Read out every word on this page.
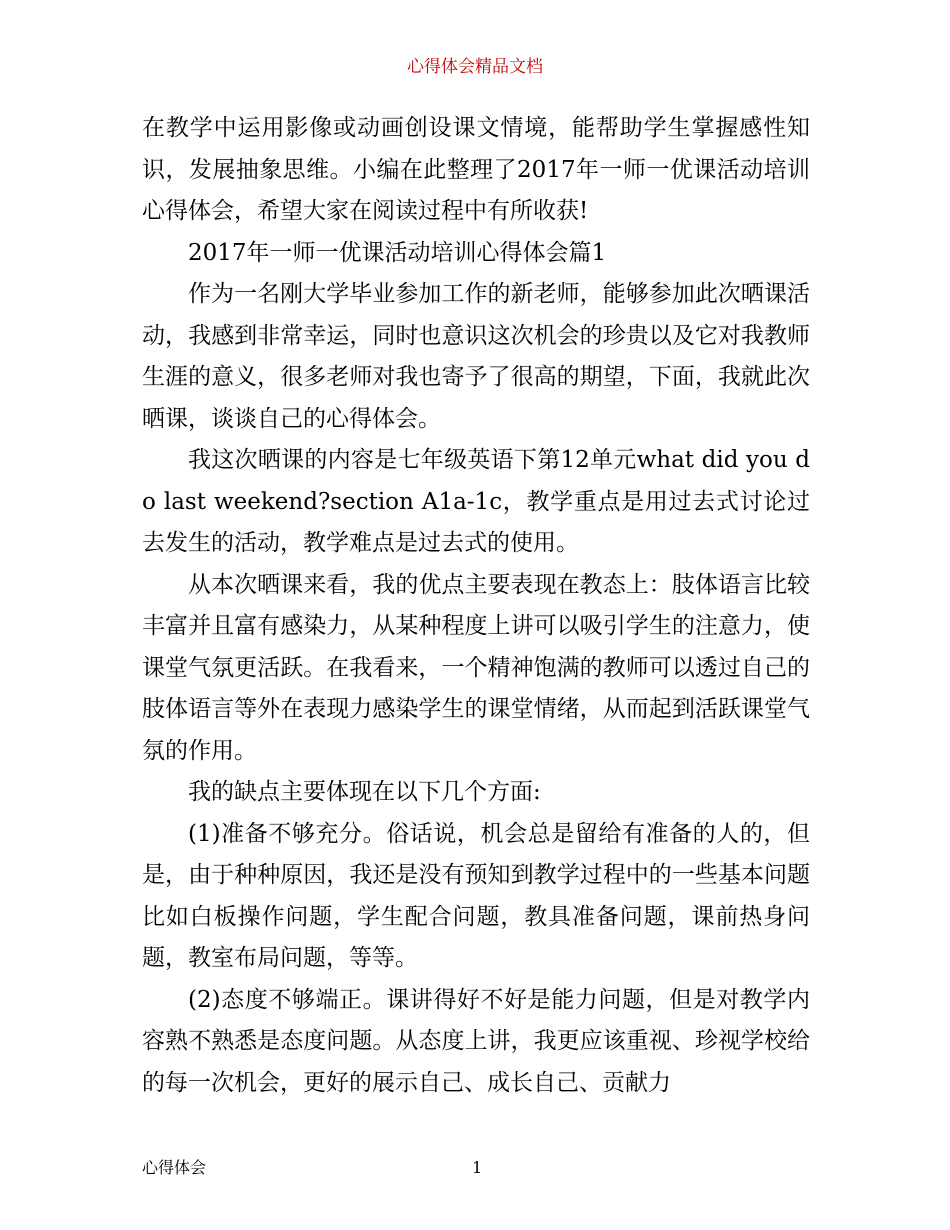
心得体会精品文档

在教学中运用影像或动画创设课文情境，能帮助学生掌握感性知识，发展抽象思维。小编在此整理了2017年一师一优课活动培训心得体会，希望大家在阅读过程中有所收获!

2017年一师一优课活动培训心得体会篇1

作为一名刚大学毕业参加工作的新老师，能够参加此次晒课活动，我感到非常幸运，同时也意识这次机会的珍贵以及它对我教师生涯的意义，很多老师对我也寄予了很高的期望，下面，我就此次晒课，谈谈自己的心得体会。

我这次晒课的内容是七年级英语下第12单元what did you do last weekend?section A1a-1c，教学重点是用过去式讨论过去发生的活动，教学难点是过去式的使用。

从本次晒课来看，我的优点主要表现在教态上：肢体语言比较丰富并且富有感染力，从某种程度上讲可以吸引学生的注意力，使课堂气氛更活跃。在我看来，一个精神饱满的教师可以透过自己的肢体语言等外在表现力感染学生的课堂情绪，从而起到活跃课堂气氛的作用。

我的缺点主要体现在以下几个方面:

(1)准备不够充分。俗话说，机会总是留给有准备的人的，但是，由于种种原因，我还是没有预知到教学过程中的一些基本问题比如白板操作问题，学生配合问题，教具准备问题，课前热身问题，教室布局问题，等等。

(2)态度不够端正。课讲得好不好是能力问题，但是对教学内容熟不熟悉是态度问题。从态度上讲，我更应该重视、珍视学校给的每一次机会，更好的展示自己、成长自己、贡献力

心得体会	1
